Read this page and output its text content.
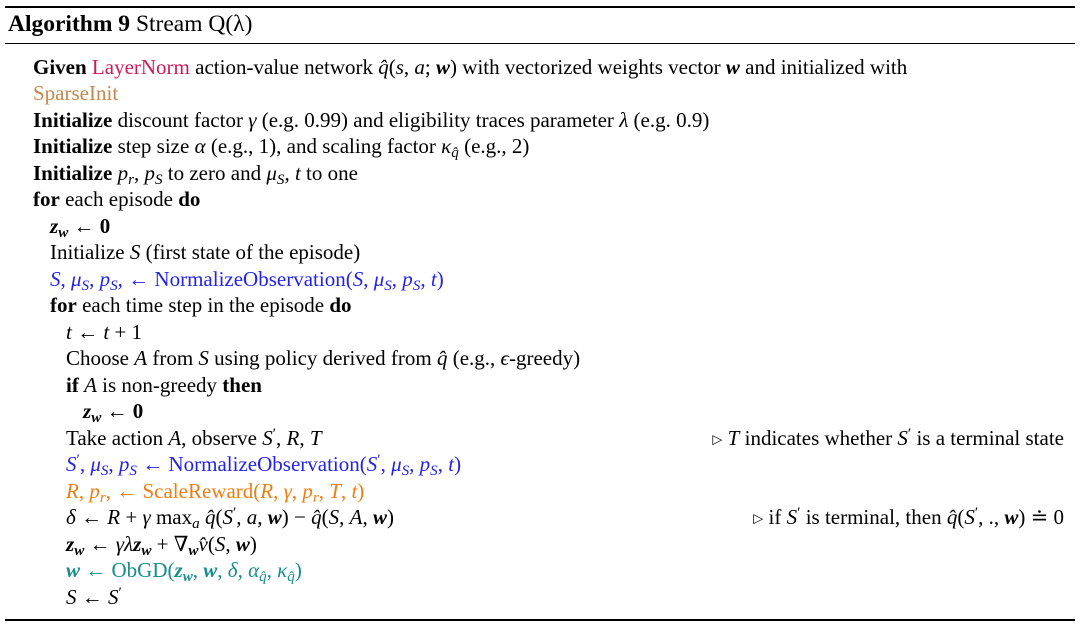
Algorithm 9 Stream Q(λ)
Given LayerNorm action-value network q̂(s, a; w) with vectorized weights vector w and initialized with
SparseInit
Initialize discount factor γ (e.g. 0.99) and eligibility traces parameter λ (e.g. 0.9)
Initialize step size α (e.g., 1), and scaling factor $\kappa_{q̂}$ (e.g., 2)
Initialize $p_r$, $p_S$ to zero and $\mu_S$, t to one
for each episode do
$z_w$ ← 0
Initialize S (first state of the episode)
S, $\mu_S$, $p_S$, ← NormalizeObservation(S, $\mu_S$, $p_S$, t)
for each time step in the episode do
t ← t + 1
Choose A from S using policy derived from q̂ (e.g., ϵ-greedy)
if A is non-greedy then
$z_w$ ← 0
Take action A, observe S′, R, T	▷ T indicates whether S′ is a terminal state
S′, $\mu_S$, $p_S$ ← NormalizeObservation(S′, $\mu_S$, $p_S$, t)
R, $p_r$, ← ScaleReward(R, γ, $p_r$, T, t)
δ ← R + γ $\max_a$ q̂(S′, a, w) − q̂(S, A, w)	▷ if S′ is terminal, then q̂(S′, ., w) ≐ 0
$z_w$ ← $\gamma\lambda z_w + \nabla_wv̂(S$, w)
w ← $ObGD(z_w$, w, δ, $\alpha_{q̂}$, $\kappa_{q̂}$)
S ← S′
